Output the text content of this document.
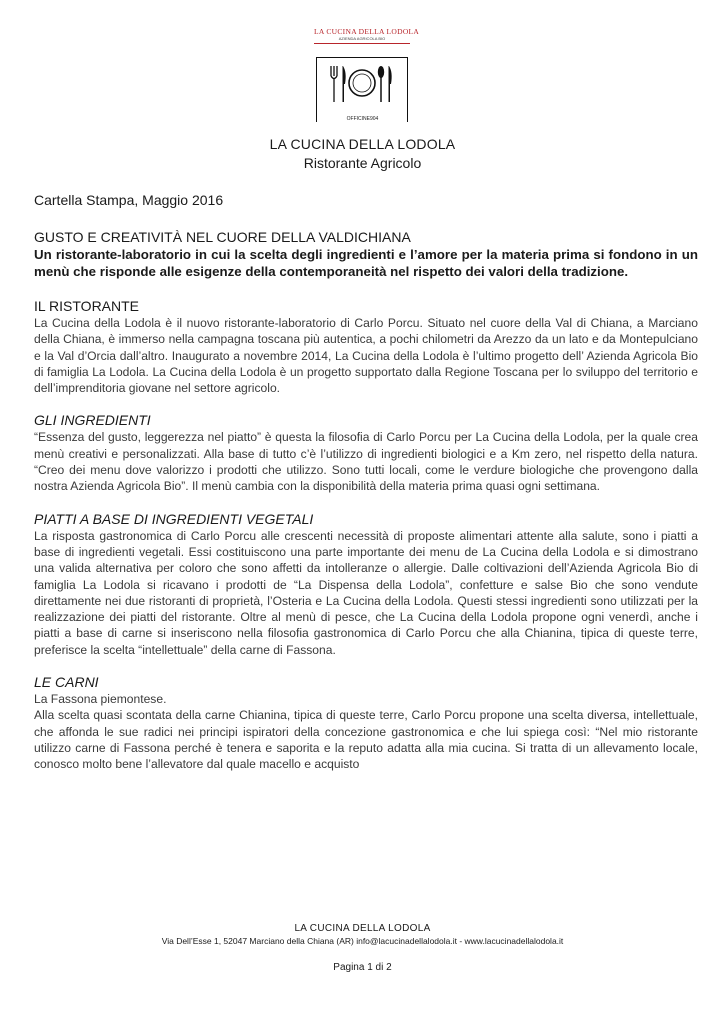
LA CUCINA DELLA LODOLA
AZIENDA AGRICOLA BIO
OFFICINE904
LA CUCINA DELLA LODOLA
Ristorante Agricolo
Cartella Stampa, Maggio 2016
GUSTO E CREATIVITÀ NEL CUORE DELLA VALDICHIANA

Un ristorante-laboratorio in cui la scelta degli ingredienti e l’amore per la materia prima si fondono in un menù che risponde alle esigenze della contemporaneità nel rispetto dei valori della tradizione.

IL RISTORANTE

La Cucina della Lodola è il nuovo ristorante-laboratorio di Carlo Porcu. Situato nel cuore della Val di Chiana, a Marciano della Chiana, è immerso nella campagna toscana più autentica, a pochi chilometri da Arezzo da un lato e da Montepulciano e la Val d’Orcia dall’altro. Inaugurato a novembre 2014, La Cucina della Lodola è l’ultimo progetto dell’ Azienda Agricola Bio di famiglia La Lodola. La Cucina della Lodola è un progetto supportato dalla Regione Toscana per lo sviluppo del territorio e dell’imprenditoria giovane nel settore agricolo.

GLI INGREDIENTI

“Essenza del gusto, leggerezza nel piatto” è questa la filosofia di Carlo Porcu per La Cucina della Lodola, per la quale crea menù creativi e personalizzati. Alla base di tutto c’è l’utilizzo di ingredienti biologici e a Km zero, nel rispetto della natura. “Creo dei menu dove valorizzo i prodotti che utilizzo. Sono tutti locali, come le verdure biologiche che provengono dalla nostra Azienda Agricola Bio”. Il menù cambia con la disponibilità della materia prima quasi ogni settimana.

PIATTI A BASE DI INGREDIENTI VEGETALI

La risposta gastronomica di Carlo Porcu alle crescenti necessità di proposte alimentari attente alla salute, sono i piatti a base di ingredienti vegetali. Essi costituiscono una parte importante dei menu de La Cucina della Lodola e si dimostrano una valida alternativa per coloro che sono affetti da intolleranze o allergie. Dalle coltivazioni dell’Azienda Agricola Bio di famiglia La Lodola si ricavano i prodotti de “La Dispensa della Lodola”, confetture e salse Bio che sono vendute direttamente nei due ristoranti di proprietà, l’Osteria e La Cucina della Lodola. Questi stessi ingredienti sono utilizzati per la realizzazione dei piatti del ristorante. Oltre al menù di pesce, che La Cucina della Lodola propone ogni venerdì, anche i piatti a base di carne si inseriscono nella filosofia gastronomica di Carlo Porcu che alla Chianina, tipica di queste terre, preferisce la scelta “intellettuale” della carne di Fassona.

LE CARNI

La Fassona piemontese.

Alla scelta quasi scontata della carne Chianina, tipica di queste terre, Carlo Porcu propone una scelta diversa, intellettuale, che affonda le sue radici nei principi ispiratori della concezione gastronomica e che lui spiega così: “Nel mio ristorante utilizzo carne di Fassona perché è tenera e saporita e la reputo adatta alla mia cucina. Si tratta di un allevamento locale, conosco molto bene l’allevatore dal quale macello e acquisto

LA CUCINA DELLA LODOLA
Via Dell’Esse 1, 52047 Marciano della Chiana (AR) info@lacucinadellalodola.it - www.lacucinadellalodola.it
Pagina 1 di 2
